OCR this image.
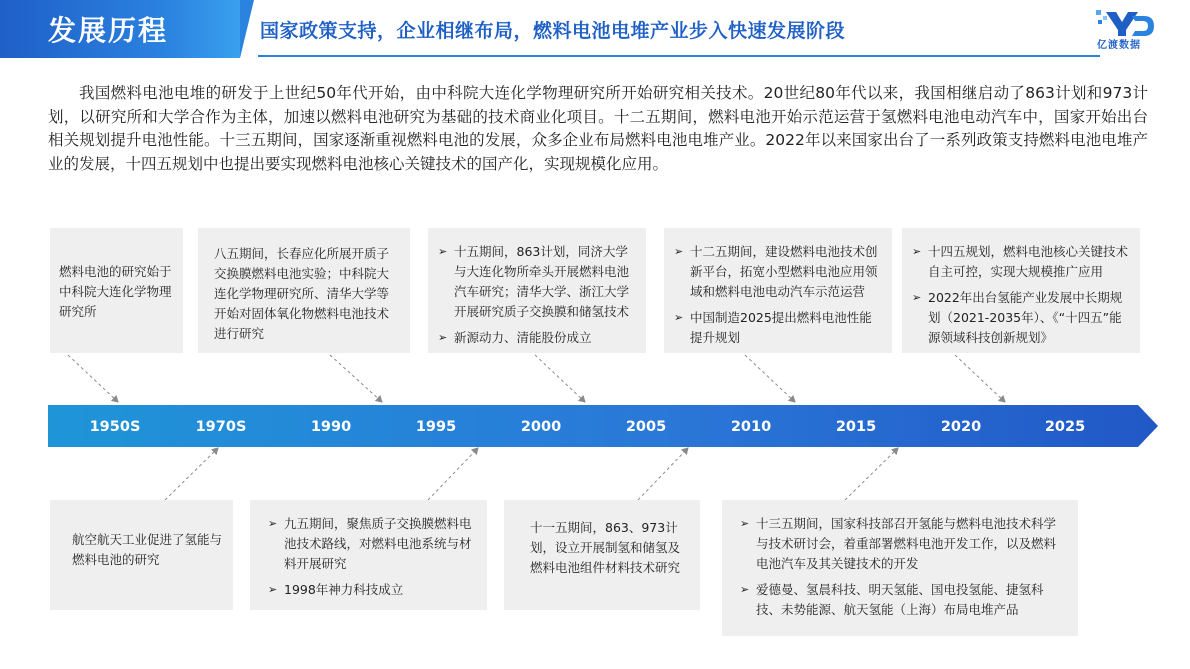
发展历程	国家政策支持，企业相继布局，燃料电池电堆产业步入快速发展阶段
亿渡数据
我国燃料电池电堆的研发于上世纪50年代开始，由中科院大连化学物理研究所开始研究相关技术。20世纪80年代以来，我国相继启动了863计划和973计划，以研究所和大学合作为主体，加速以燃料电池研究为基础的技术商业化项目。十二五期间，燃料电池开始示范运营于氢燃料电池电动汽车中，国家开始出台相关规划提升电池性能。十三五期间，国家逐渐重视燃料电池的发展，众多企业布局燃料电池电堆产业。2022年以来国家出台了一系列政策支持燃料电池电堆产业的发展，十四五规划中也提出要实现燃料电池核心关键技术的国产化，实现规模化应用。
1950S	1970S	1990	1995	2000	2005	2010	2015	2020	2025
燃料电池的研究始于中科院大连化学物理研究所
八五期间，长春应化所展开质子交换膜燃料电池实验；中科院大连化学物理研究所、清华大学等开始对固体氧化物燃料电池技术进行研究
➢ 十五期间，863计划，同济大学与大连化物所牵头开展燃料电池汽车研究；清华大学、浙江大学开展研究质子交换膜和储氢技术
➢ 新源动力、清能股份成立
➢ 十二五期间，建设燃料电池技术创新平台，拓宽小型燃料电池应用领域和燃料电池电动汽车示范运营
➢ 中国制造2025提出燃料电池性能提升规划
➢ 十四五规划，燃料电池核心关键技术自主可控，实现大规模推广应用
➢ 2022年出台氢能产业发展中长期规划（2021-2035年）、《“十四五”能源领域科技创新规划》
航空航天工业促进了氢能与燃料电池的研究
➢ 九五期间，聚焦质子交换膜燃料电池技术路线，对燃料电池系统与材料开展研究
➢ 1998年神力科技成立
十一五期间，863、973计划，设立开展制氢和储氢及燃料电池组件材料技术研究
➢ 十三五期间，国家科技部召开氢能与燃料电池技术科学与技术研讨会，着重部署燃料电池开发工作，以及燃料电池汽车及其关键技术的开发
➢ 爱德曼、氢晨科技、明天氢能、国电投氢能、捷氢科技、未势能源、航天氢能（上海）布局电堆产品
